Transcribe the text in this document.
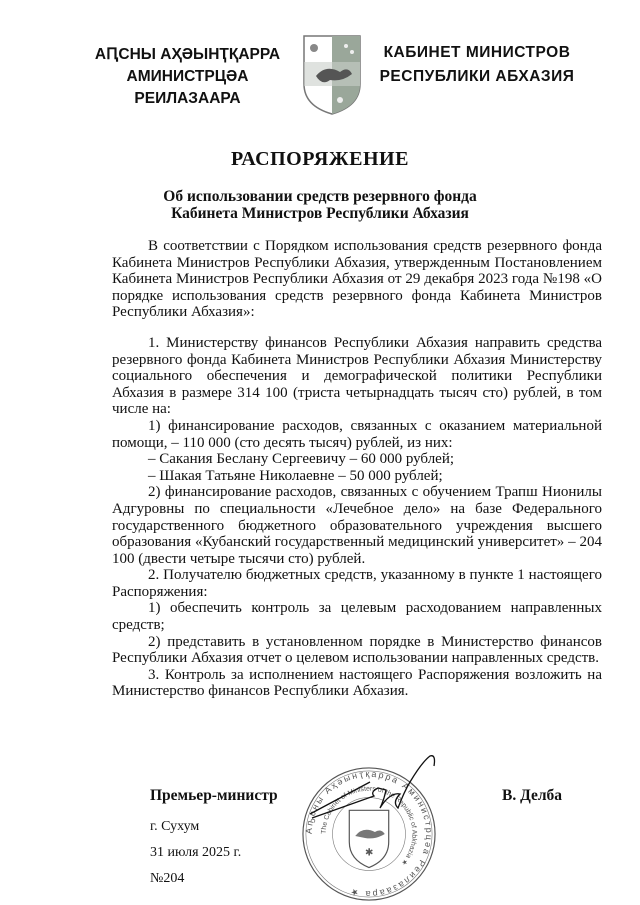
АԤСНЫ АҲӘЫНҬҚАРРА
АМИНИСТРЦӘА РЕИЛАЗААРА
КАБИНЕТ МИНИСТРОВ
РЕСПУБЛИКИ АБХАЗИЯ
РАСПОРЯЖЕНИЕ
Об использовании средств резервного фонда
Кабинета Министров Республики Абхазия

В соответствии с Порядком использования средств резервного фонда Кабинета Министров Республики Абхазия, утвержденным Постановлением Кабинета Министров Республики Абхазия от 29 декабря 2023 года №198 «О порядке использования средств резервного фонда Кабинета Министров Республики Абхазия»:

1. Министерству финансов Республики Абхазия направить средства резервного фонда Кабинета Министров Республики Абхазия Министерству социального обеспечения и демографической политики Республики Абхазия в размере 314 100 (триста четырнадцать тысяч сто) рублей, в том числе на:

1) финансирование расходов, связанных с оказанием материальной помощи, – 110 000 (сто десять тысяч) рублей, из них:

– Сакания Беслану Сергеевичу – 60 000 рублей;

– Шакая Татьяне Николаевне – 50 000 рублей;

2) финансирование расходов, связанных с обучением Трапш Нионилы Адгуровны по специальности «Лечебное дело» на базе Федерального государственного бюджетного образовательного учреждения высшего образования «Кубанский государственный медицинский университет» – 204 100 (двести четыре тысячи сто) рублей.

2. Получателю бюджетных средств, указанному в пункте 1 настоящего Распоряжения:

1) обеспечить контроль за целевым расходованием направленных средств;

2) представить в установленном порядке в Министерство финансов Республики Абхазия отчет о целевом использовании направленных средств.

3. Контроль за исполнением настоящего Распоряжения возложить на Министерство финансов Республики Абхазия.

Аҧсны Аҳәынҭқарра Аминистрцәа Реилазаара ★
The Cabinet of Ministers of the Republic of Abkhazia ★
✱
Премьер-министр	В. Делба
г. Сухум
31 июля 2025 г.
№204
